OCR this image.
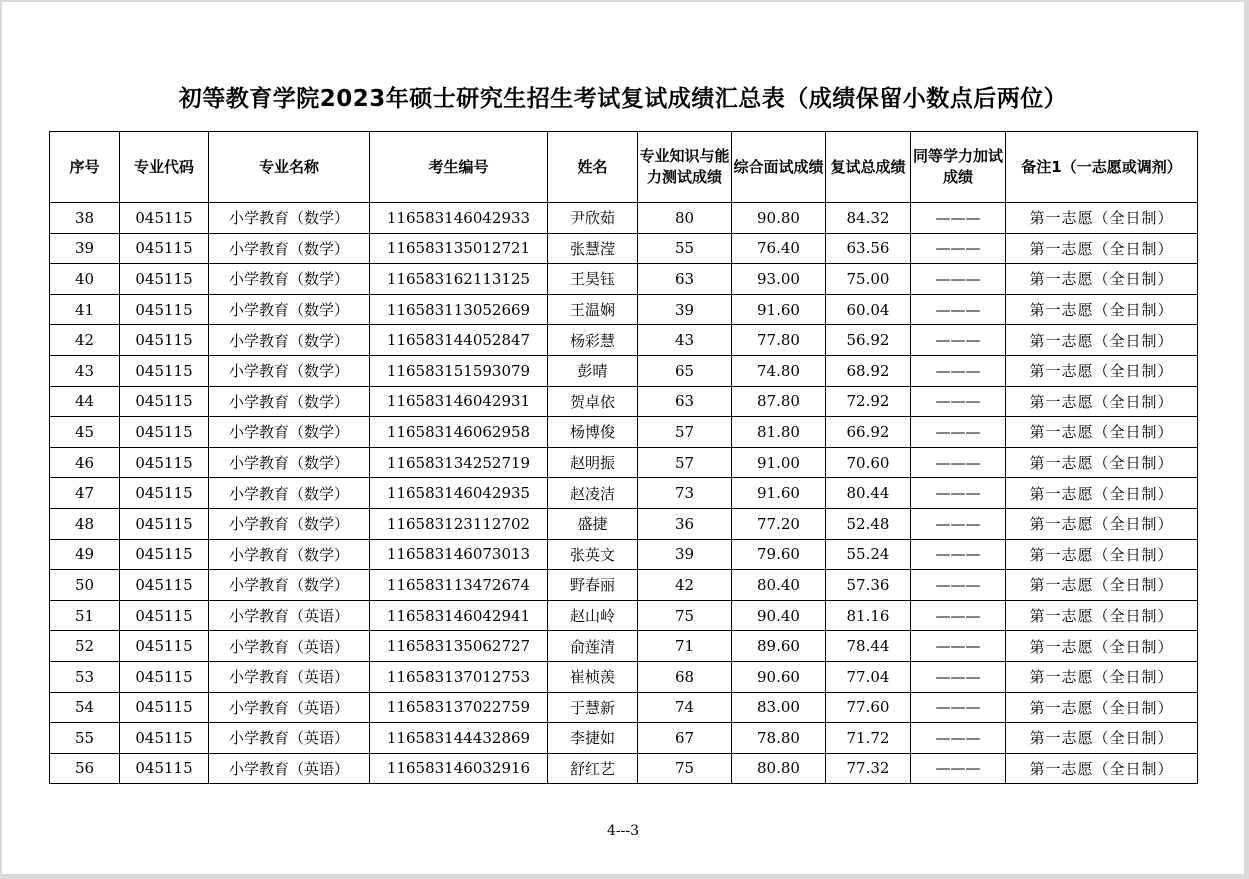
初等教育学院2023年硕士研究生招生考试复试成绩汇总表（成绩保留小数点后两位）
序号	专业代码	专业名称	考生编号	姓名	专业知识与能力测试成绩	综合面试成绩	复试总成绩	同等学力加试成绩	备注1（一志愿或调剂）
38	045115	小学教育（数学）	116583146042933	尹欣茹	80	90.80	84.32	———	第一志愿（全日制）
39	045115	小学教育（数学）	116583135012721	张慧滢	55	76.40	63.56	———	第一志愿（全日制）
40	045115	小学教育（数学）	116583162113125	王昊钰	63	93.00	75.00	———	第一志愿（全日制）
41	045115	小学教育（数学）	116583113052669	王温娴	39	91.60	60.04	———	第一志愿（全日制）
42	045115	小学教育（数学）	116583144052847	杨彩慧	43	77.80	56.92	———	第一志愿（全日制）
43	045115	小学教育（数学）	116583151593079	彭晴	65	74.80	68.92	———	第一志愿（全日制）
44	045115	小学教育（数学）	116583146042931	贺卓依	63	87.80	72.92	———	第一志愿（全日制）
45	045115	小学教育（数学）	116583146062958	杨博俊	57	81.80	66.92	———	第一志愿（全日制）
46	045115	小学教育（数学）	116583134252719	赵明振	57	91.00	70.60	———	第一志愿（全日制）
47	045115	小学教育（数学）	116583146042935	赵凌洁	73	91.60	80.44	———	第一志愿（全日制）
48	045115	小学教育（数学）	116583123112702	盛捷	36	77.20	52.48	———	第一志愿（全日制）
49	045115	小学教育（数学）	116583146073013	张英文	39	79.60	55.24	———	第一志愿（全日制）
50	045115	小学教育（数学）	116583113472674	野春丽	42	80.40	57.36	———	第一志愿（全日制）
51	045115	小学教育（英语）	116583146042941	赵山岭	75	90.40	81.16	———	第一志愿（全日制）
52	045115	小学教育（英语）	116583135062727	俞莲清	71	89.60	78.44	———	第一志愿（全日制）
53	045115	小学教育（英语）	116583137012753	崔桢羡	68	90.60	77.04	———	第一志愿（全日制）
54	045115	小学教育（英语）	116583137022759	于慧新	74	83.00	77.60	———	第一志愿（全日制）
55	045115	小学教育（英语）	116583144432869	李捷如	67	78.80	71.72	———	第一志愿（全日制）
56	045115	小学教育（英语）	116583146032916	舒红艺	75	80.80	77.32	———	第一志愿（全日制）
4---3
